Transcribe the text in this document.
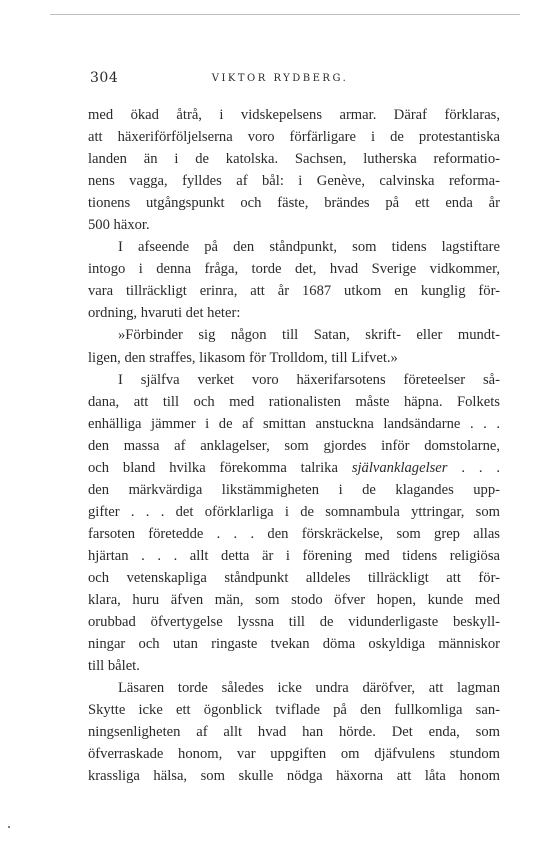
304	VIKTOR RYDBERG.
med ökad åtrå, i vidskepelsens armar. Däraf förklaras,
att häxeriförföljelserna voro förfärligare i de protestantiska
landen än i de katolska. Sachsen, lutherska reformatio-
nens vagga, fylldes af bål: i Genève, calvinska reforma-
tionens utgångspunkt och fäste, brändes på ett enda år
500 häxor.
I afseende på den ståndpunkt, som tidens lagstiftare
intogo i denna fråga, torde det, hvad Sverige vidkommer,
vara tillräckligt erinra, att år 1687 utkom en kunglig för-
ordning, hvaruti det heter:
»Förbinder sig någon till Satan, skrift- eller mundt-
ligen, den straffes, likasom för Trolldom, till Lifvet.»
I själfva verket voro häxerifarsotens företeelser så-
dana, att till och med rationalisten måste häpna. Folkets
enhälliga jämmer i de af smittan anstuckna landsändarne . . .
den massa af anklagelser, som gjordes inför domstolarne,
och bland hvilka förekomma talrika självanklagelser . . .
den märkvärdiga likstämmigheten i de klagandes upp-
gifter . . . det oförklarliga i de somnambula yttringar, som
farsoten företedde . . . den förskräckelse, som grep allas
hjärtan . . . allt detta är i förening med tidens religiösa
och vetenskapliga ståndpunkt alldeles tillräckligt att för-
klara, huru äfven män, som stodo öfver hopen, kunde med
orubbad öfvertygelse lyssna till de vidunderligaste beskyll-
ningar och utan ringaste tvekan döma oskyldiga människor
till bålet.
Läsaren torde således icke undra däröfver, att lagman
Skytte icke ett ögonblick tviflade på den fullkomliga san-
ningsenligheten af allt hvad han hörde. Det enda, som
öfverraskade honom, var uppgiften om djäfvulens stundom
krassliga hälsa, som skulle nödga häxorna att låta honom
